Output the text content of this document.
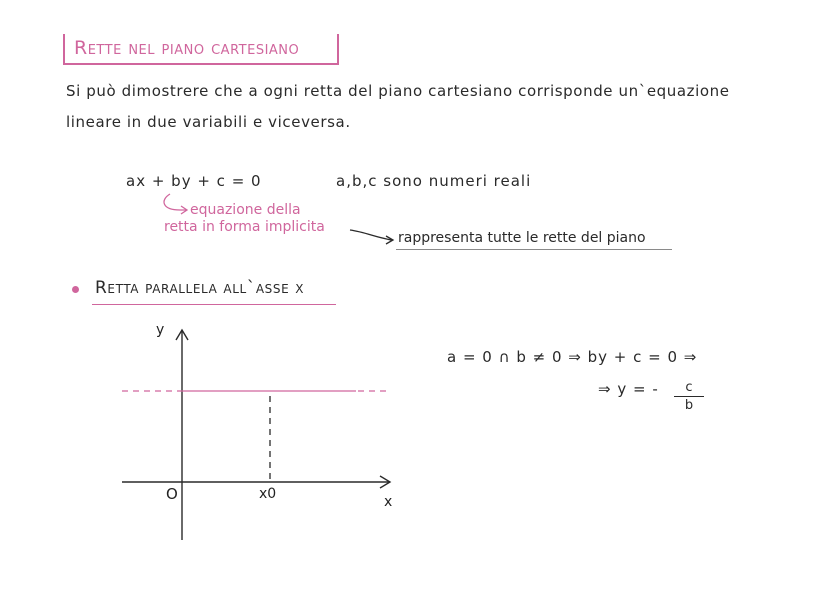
Rette nel piano cartesiano
Si può dimostrere che a ogni retta del piano cartesiano corrisponde un`equazione
lineare in due variabili e viceversa.
ax + by + c = 0	a,b,c sono numeri reali
equazione della
retta in forma implicita
rappresenta tutte le rette del piano
Retta parallela all`asse x
y
x
O	x0
a = 0 ∩ b ≠ 0 ⇒ by + c = 0 ⇒
⇒ y = -	c
b
